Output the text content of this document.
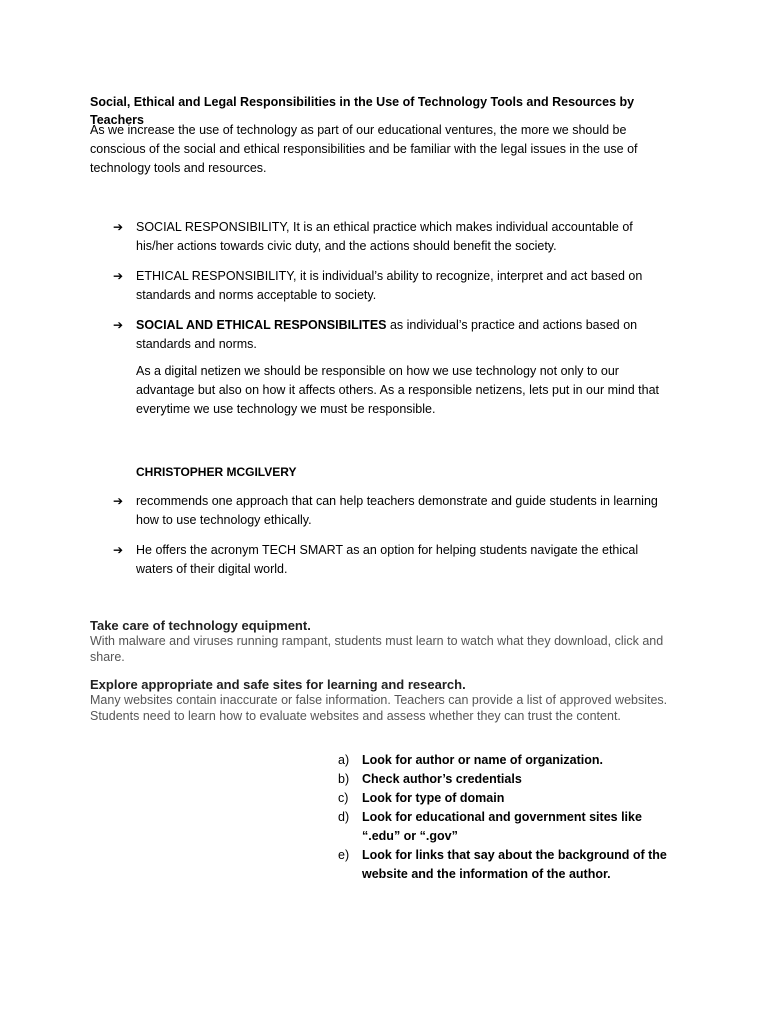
Social, Ethical and Legal Responsibilities in the Use of Technology Tools and Resources by Teachers
As we increase the use of technology as part of our educational ventures, the more we should be conscious of the social and ethical responsibilities and be familiar with the legal issues in the use of technology tools and resources.
➔	SOCIAL RESPONSIBILITY, It is an ethical practice which makes individual accountable of his/her actions towards civic duty, and the actions should benefit the society.
➔	ETHICAL RESPONSIBILITY, it is individual’s ability to recognize, interpret and act based on standards and norms acceptable to society.
➔	SOCIAL AND ETHICAL RESPONSIBILITES as individual’s practice and actions based on standards and norms.
As a digital netizen we should be responsible on how we use technology not only to our advantage but also on how it affects others. As a responsible netizens, lets put in our mind that everytime we use technology we must be responsible.
CHRISTOPHER MCGILVERY
➔	recommends one approach that can help teachers demonstrate and guide students in learning how to use technology ethically.
➔	He offers the acronym TECH SMART as an option for helping students navigate the ethical waters of their digital world.
Take care of technology equipment.
With malware and viruses running rampant, students must learn to watch what they download, click and share.
Explore appropriate and safe sites for learning and research.
Many websites contain inaccurate or false information. Teachers can provide a list of approved websites. Students need to learn how to evaluate websites and assess whether they can trust the content.
a)	Look for author or name of organization.
b)	Check author’s credentials
c)	Look for type of domain
d)	Look for educational and government sites like “.edu” or “.gov”
e)	Look for links that say about the background of the website and the information of the author.
